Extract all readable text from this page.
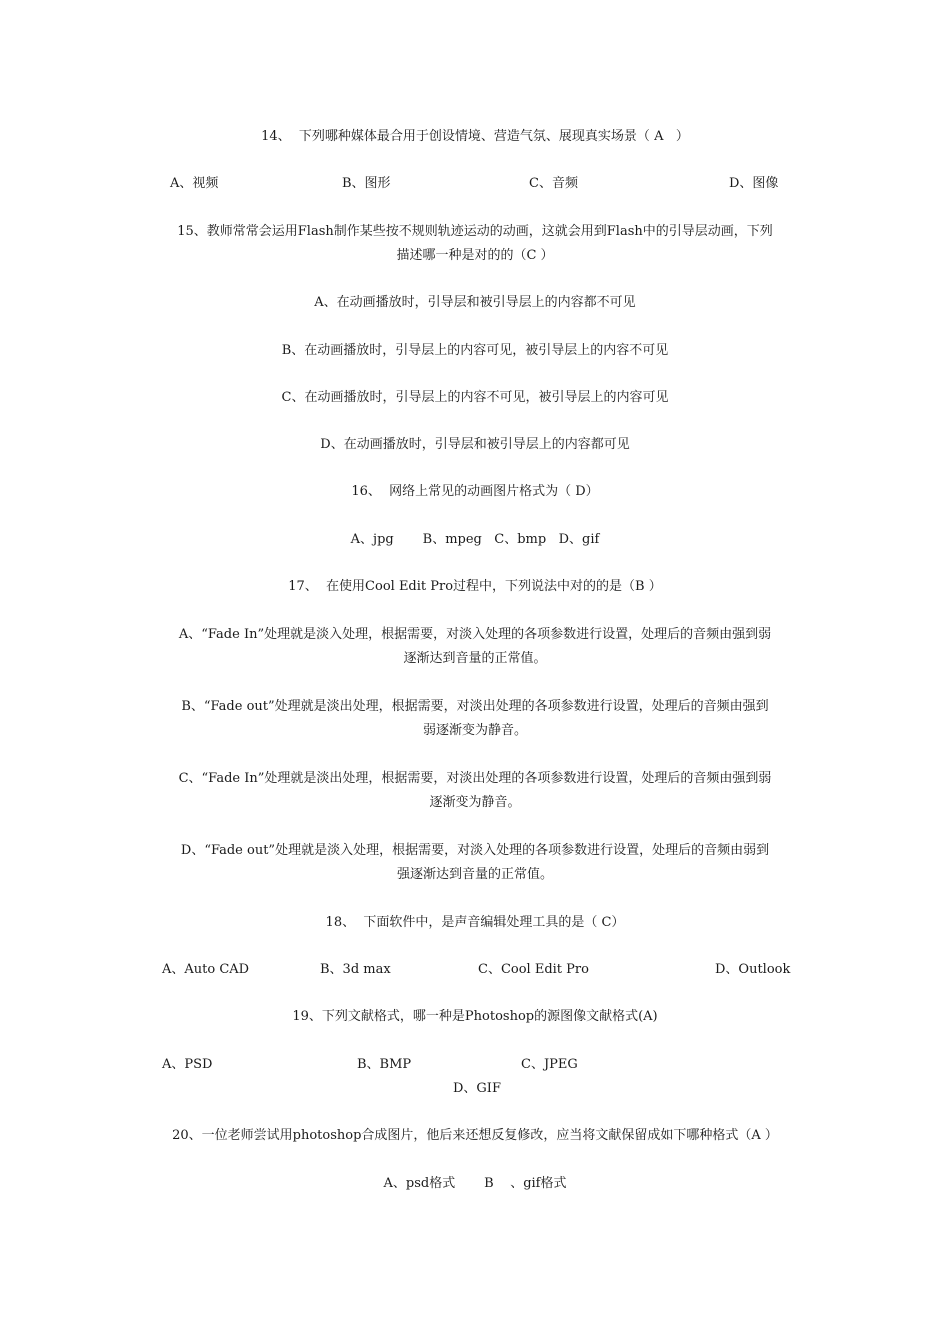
14、  下列哪种媒体最合用于创设情境、营造气氛、展现真实场景（ A   ）
A、视频	B、图形	C、音频	D、图像
15、教师常常会运用Flash制作某些按不规则轨迹运动的动画，这就会用到Flash中的引导层动画，下列
描述哪一种是对的的（C ）
A、在动画播放时，引导层和被引导层上的内容都不可见
B、在动画播放时，引导层上的内容可见，被引导层上的内容不可见
C、在动画播放时，引导层上的内容不可见，被引导层上的内容可见
D、在动画播放时，引导层和被引导层上的内容都可见
16、  网络上常见的动画图片格式为（ D）
A、jpg       B、mpeg   C、bmp   D、gif
17、  在使用Cool Edit Pro过程中，下列说法中对的的是（B ）
A、“Fade In”处理就是淡入处理，根据需要，对淡入处理的各项参数进行设置，处理后的音频由强到弱
逐渐达到音量的正常值。
B、“Fade out”处理就是淡出处理，根据需要，对淡出处理的各项参数进行设置，处理后的音频由强到
弱逐渐变为静音。
C、“Fade In”处理就是淡出处理，根据需要，对淡出处理的各项参数进行设置，处理后的音频由强到弱
逐渐变为静音。
D、“Fade out”处理就是淡入处理，根据需要，对淡入处理的各项参数进行设置，处理后的音频由弱到
强逐渐达到音量的正常值。
18、  下面软件中，是声音编辑处理工具的是（ C）
A、Auto CAD	B、3d max	C、Cool Edit Pro	D、Outlook
19、下列文献格式，哪一种是Photoshop的源图像文献格式(A)
A、PSD	B、BMP	C、JPEG
D、GIF
20、一位老师尝试用photoshop合成图片，他后来还想反复修改，应当将文献保留成如下哪种格式（A ）
A、psd格式       B    、gif格式
